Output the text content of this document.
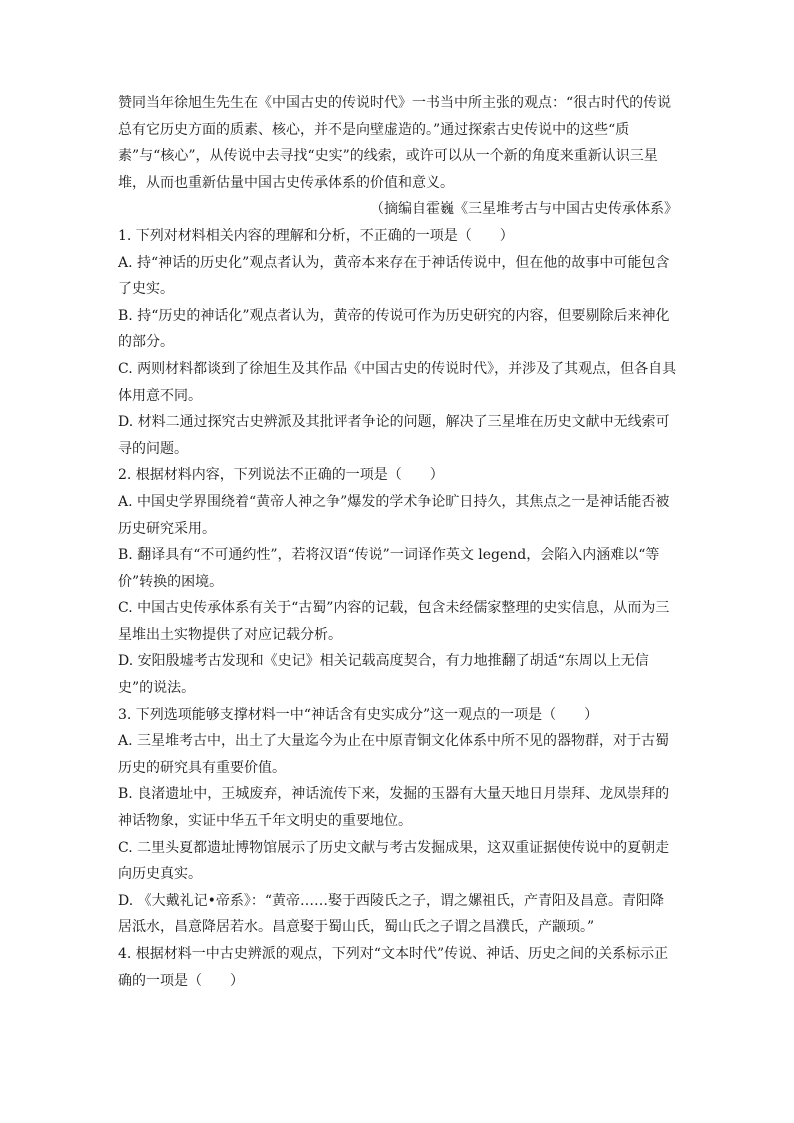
赞同当年徐旭生先生在《中国古史的传说时代》一书当中所主张的观点：“很古时代的传说总有它历史方面的质素、核心，并不是向壁虚造的。”通过探索古史传说中的这些“质素”与“核心”，从传说中去寻找“史实”的线索，或许可以从一个新的角度来重新认识三星堆，从而也重新估量中国古史传承体系的价值和意义。

（摘编自霍巍《三星堆考古与中国古史传承体系》

1. 下列对材料相关内容的理解和分析，不正确的一项是（　　）

A. 持“神话的历史化”观点者认为，黄帝本来存在于神话传说中，但在他的故事中可能包含了史实。

B. 持“历史的神话化”观点者认为，黄帝的传说可作为历史研究的内容，但要剔除后来神化的部分。

C. 两则材料都谈到了徐旭生及其作品《中国古史的传说时代》，并涉及了其观点，但各自具体用意不同。

D. 材料二通过探究古史辨派及其批评者争论的问题，解决了三星堆在历史文献中无线索可寻的问题。

2. 根据材料内容，下列说法不正确的一项是（　　）

A. 中国史学界围绕着“黄帝人神之争”爆发的学术争论旷日持久，其焦点之一是神话能否被历史研究采用。

B. 翻译具有“不可通约性”，若将汉语“传说”一词译作英文 legend，会陷入内涵难以“等价”转换的困境。

C. 中国古史传承体系有关于“古蜀”内容的记载，包含未经儒家整理的史实信息，从而为三星堆出土实物提供了对应记载分析。

D. 安阳殷墟考古发现和《史记》相关记载高度契合，有力地推翻了胡适“东周以上无信史”的说法。

3. 下列选项能够支撑材料一中“神话含有史实成分”这一观点的一项是（　　）

A. 三星堆考古中，出土了大量迄今为止在中原青铜文化体系中所不见的器物群，对于古蜀历史的研究具有重要价值。

B. 良渚遗址中，王城废弃，神话流传下来，发掘的玉器有大量天地日月崇拜、龙凤崇拜的神话物象，实证中华五千年文明史的重要地位。

C. 二里头夏都遗址博物馆展示了历史文献与考古发掘成果，这双重证据使传说中的夏朝走向历史真实。

D. 《大戴礼记•帝系》：“黄帝……娶于西陵氏之子，谓之嫘祖氏，产青阳及昌意。青阳降居泜水，昌意降居若水。昌意娶于蜀山氏，蜀山氏之子谓之昌濮氏，产颛顼。”

4. 根据材料一中古史辨派的观点，下列对“文本时代”传说、神话、历史之间的关系标示正确的一项是（　　）
